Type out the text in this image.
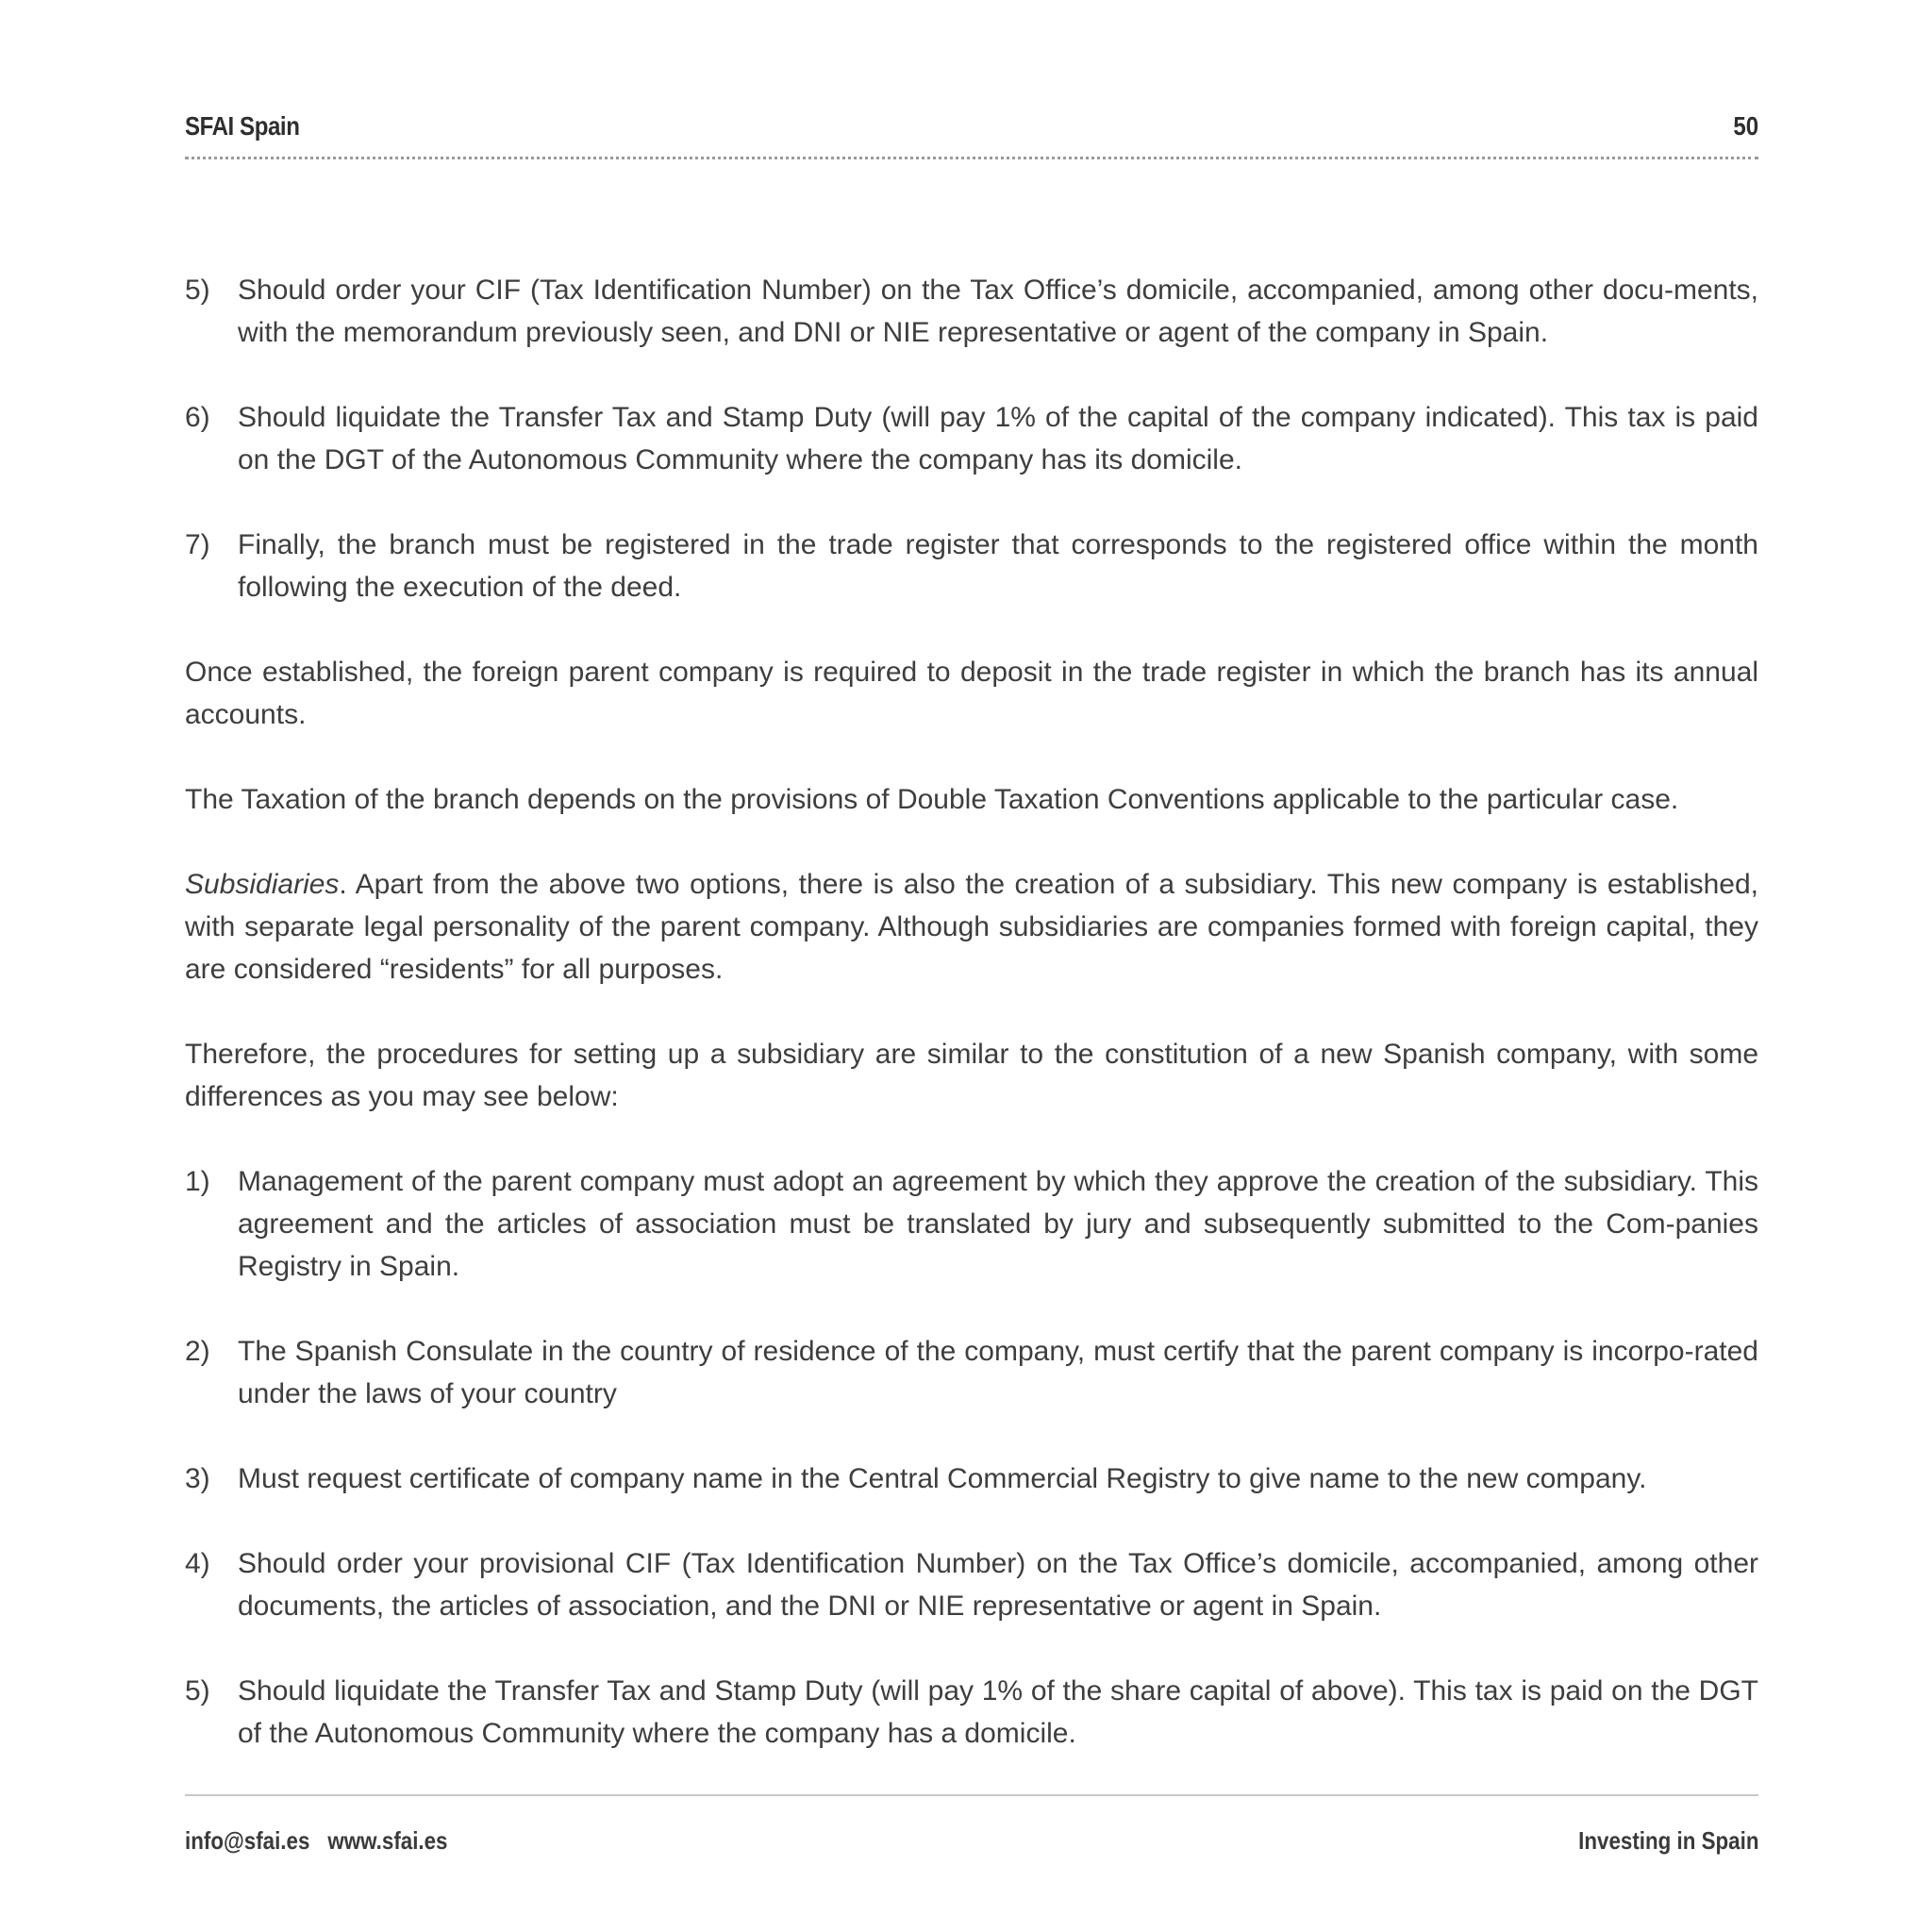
SFAI Spain	50
5) Should order your CIF (Tax Identification Number) on the Tax Office’s domicile, accompanied, among other docu-ments, with the memorandum previously seen, and DNI or NIE representative or agent of the company in Spain.
6) Should liquidate the Transfer Tax and Stamp Duty (will pay 1% of the capital of the company indicated). This tax is paid on the DGT of the Autonomous Community where the company has its domicile.
7) Finally, the branch must be registered in the trade register that corresponds to the registered office within the month following the execution of the deed.

Once established, the foreign parent company is required to deposit in the trade register in which the branch has its annual accounts.

The Taxation of the branch depends on the provisions of Double Taxation Conventions applicable to the particular case.

Subsidiaries. Apart from the above two options, there is also the creation of a subsidiary. This new company is established, with separate legal personality of the parent company. Although subsidiaries are companies formed with foreign capital, they are considered “residents” for all purposes.

Therefore, the procedures for setting up a subsidiary are similar to the constitution of a new Spanish company, with some differences as you may see below:

1) Management of the parent company must adopt an agreement by which they approve the creation of the subsidiary. This agreement and the articles of association must be translated by jury and subsequently submitted to the Com-panies Registry in Spain.
2) The Spanish Consulate in the country of residence of the company, must certify that the parent company is incorpo-rated under the laws of your country
3) Must request certificate of company name in the Central Commercial Registry to give name to the new company.
4) Should order your provisional CIF (Tax Identification Number) on the Tax Office’s domicile, accompanied, among other documents, the articles of association, and the DNI or NIE representative or agent in Spain.
5) Should liquidate the Transfer Tax and Stamp Duty (will pay 1% of the share capital of above). This tax is paid on the DGT of the Autonomous Community where the company has a domicile.
info@sfai.es www.sfai.es	Investing in Spain
